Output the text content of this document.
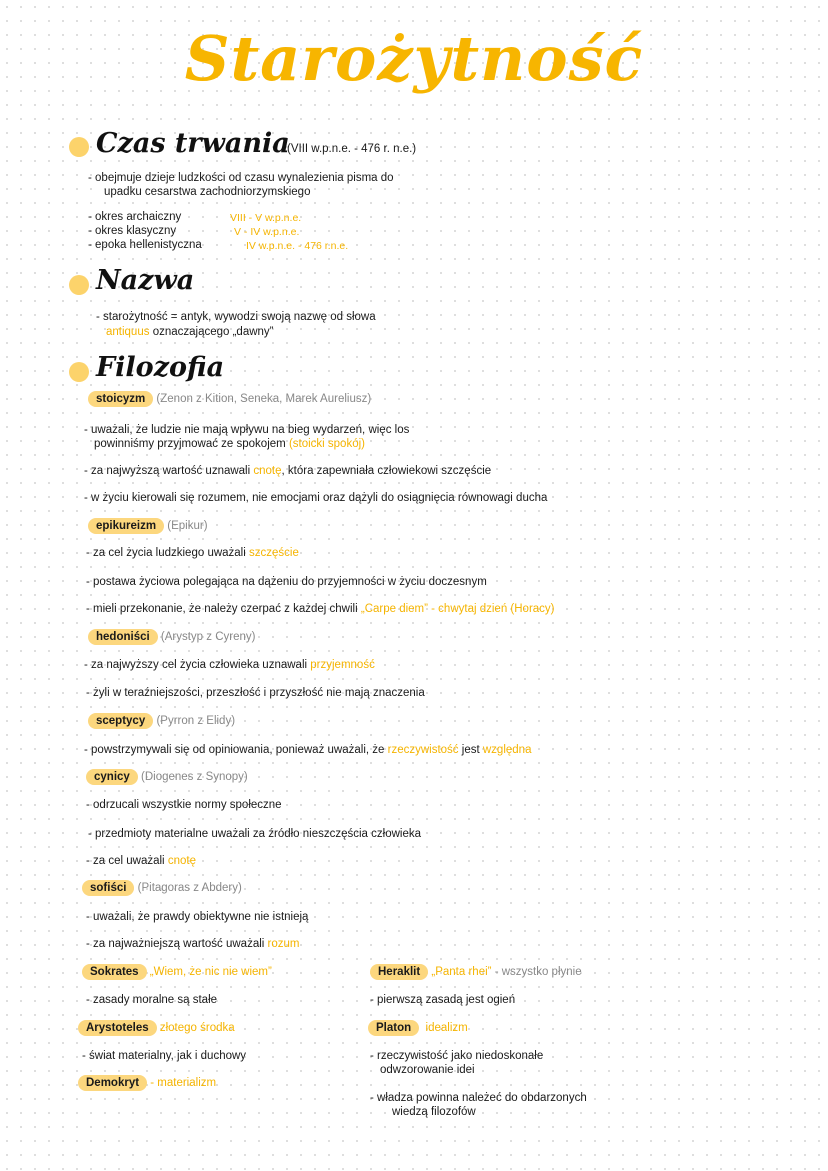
Starożytność
Czas trwania
(VIII w.p.n.e. - 476 r. n.e.)
- obejmuje dzieje ludzkości od czasu wynalezienia pisma do
upadku cesarstwa zachodniorzymskiego
- okres archaiczny	VIII - V w.p.n.e.
- okres klasyczny	V - IV w.p.n.e.
- epoka hellenistyczna	IV w.p.n.e. - 476 r.n.e.
Nazwa
- starożytność = antyk, wywodzi swoją nazwę od słowa
antiquus oznaczającego „dawny”
Filozofia
stoicyzm (Zenon z Kition, Seneka, Marek Aureliusz)
- uważali, że ludzie nie mają wpływu na bieg wydarzeń, więc los
powinniśmy przyjmować ze spokojem (stoicki spokój)
- za najwyższą wartość uznawali cnotę, która zapewniała człowiekowi szczęście
- w życiu kierowali się rozumem, nie emocjami oraz dążyli do osiągnięcia równowagi ducha
epikureizm (Epikur)
- za cel życia ludzkiego uważali szczęście
- postawa życiowa polegająca na dążeniu do przyjemności w życiu doczesnym
- mieli przekonanie, że należy czerpać z każdej chwili „Carpe diem” - chwytaj dzień (Horacy)
hedoniści (Arystyp z Cyreny)
- za najwyższy cel życia człowieka uznawali przyjemność
- żyli w teraźniejszości, przeszłość i przyszłość nie mają znaczenia
sceptycy (Pyrron z Elidy)
- powstrzymywali się od opiniowania, ponieważ uważali, że rzeczywistość jest względna
cynicy (Diogenes z Synopy)
- odrzucali wszystkie normy społeczne
- przedmioty materialne uważali za źródło nieszczęścia człowieka
- za cel uważali cnotę
sofiści (Pitagoras z Abdery)
- uważali, że prawdy obiektywne nie istnieją
- za najważniejszą wartość uważali rozum
Sokrates „Wiem, że nic nie wiem”
- zasady moralne są stałe
Arystoteles złotego środka
- świat materialny, jak i duchowy
Demokryt - materializm
Heraklit „Panta rhei” - wszystko płynie
- pierwszą zasadą jest ogień
Platon idealizm
- rzeczywistość jako niedoskonałe
odwzorowanie idei
- władza powinna należeć do obdarzonych
wiedzą filozofów
